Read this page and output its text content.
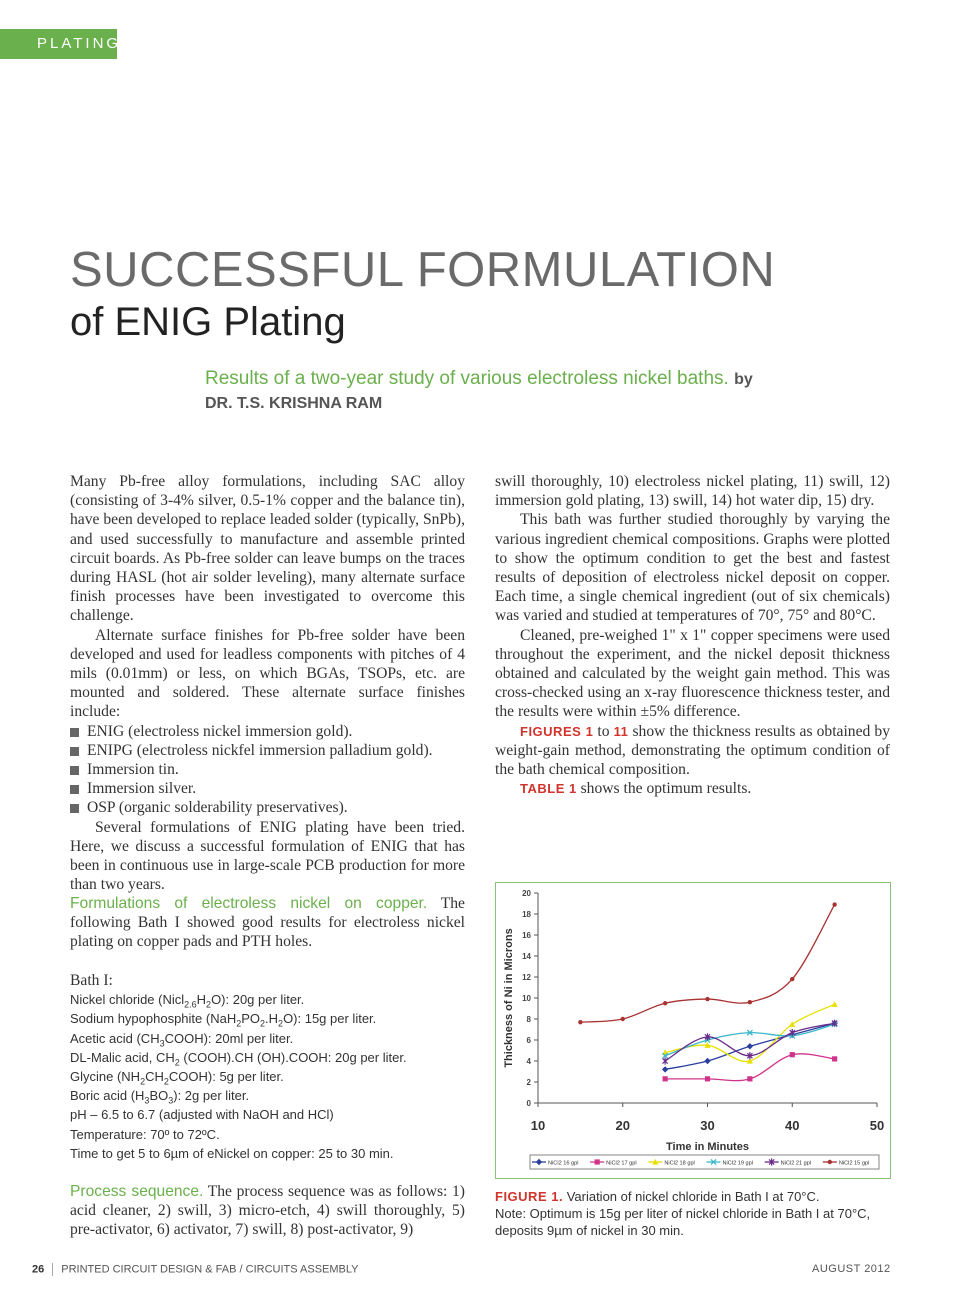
PLATING
SUCCESSFUL FORMULATION
of ENIG Plating
Results of a two-year study of various electroless nickel baths. by DR. T.S. KRISHNA RAM

Many Pb-free alloy formulations, including SAC alloy (consisting of 3-4% silver, 0.5-1% copper and the balance tin), have been developed to replace leaded solder (typically, SnPb), and used successfully to manufacture and assemble printed circuit boards. As Pb-free solder can leave bumps on the traces during HASL (hot air solder leveling), many alternate surface finish processes have been investigated to overcome this challenge.

Alternate surface finishes for Pb-free solder have been developed and used for leadless components with pitches of 4 mils (0.01mm) or less, on which BGAs, TSOPs, etc. are mounted and soldered. These alternate surface finishes include:

ENIG (electroless nickel immersion gold).
ENIPG (electroless nickfel immersion palladium gold).
Immersion tin.
Immersion silver.
OSP (organic solderability preservatives).

Several formulations of ENIG plating have been tried. Here, we discuss a successful formulation of ENIG that has been in continuous use in large-scale PCB production for more than two years.

Formulations of electroless nickel on copper. The following Bath I showed good results for electroless nickel plating on copper pads and PTH holes.

Bath I:

Nickel chloride $(Nicl_{2.6}H_2O)$: 20g per liter.
Sodium hypophosphite $(NaH_2PO_2.H_2O)$: 15g per liter.
Acetic acid $(CH_3COOH)$: 20ml per liter.
DL-Malic acid, $CH_2$ (COOH).CH (OH).COOH: 20g per liter.
Glycine $(NH_2CH_2COOH)$: 5g per liter.
Boric acid $(H_3BO_3)$: 2g per liter.
pH – 6.5 to 6.7 (adjusted with NaOH and HCl)
Temperature: 70º to 72ºC.
Time to get 5 to 6µm of eNickel on copper: 25 to 30 min.

Process sequence. The process sequence was as follows: 1) acid cleaner, 2) swill, 3) micro-etch, 4) swill thoroughly, 5) pre-activator, 6) activator, 7) swill, 8) post-activator, 9)

swill thoroughly, 10) electroless nickel plating, 11) swill, 12) immersion gold plating, 13) swill, 14) hot water dip, 15) dry.

This bath was further studied thoroughly by varying the various ingredient chemical compositions. Graphs were plotted to show the optimum condition to get the best and fastest results of deposition of electroless nickel deposit on copper. Each time, a single chemical ingredient (out of six chemicals) was varied and studied at temperatures of 70°, 75° and 80°C.

Cleaned, pre-weighed 1" x 1" copper specimens were used throughout the experiment, and the nickel deposit thickness obtained and calculated by the weight gain method. This was cross-checked using an x-ray fluorescence thickness tester, and the results were within ±5% difference.

FIGURES 1 to 11 show the thickness results as obtained by weight-gain method, demonstrating the optimum condition of the bath chemical composition.

TABLE 1 shows the optimum results.

0
2
4
6
8
10
12
14
16
18
20
10	20	30	40	50
Time in Minutes
Thickness of Ni in Microns
NiCl2 16 gpl	NiCl2 17 gpl	NiCl2 18 gpl	NiCl2 19 gpl	NiCl2 21 gpl	NiCl2 15 gpl
FIGURE 1. Variation of nickel chloride in Bath I at 70°C.
Note: Optimum is 15g per liter of nickel chloride in Bath I at 70°C, deposits 9µm of nickel in 30 min.
26 PRINTED CIRCUIT DESIGN & FAB / CIRCUITS ASSEMBLY	AUGUST 2012
